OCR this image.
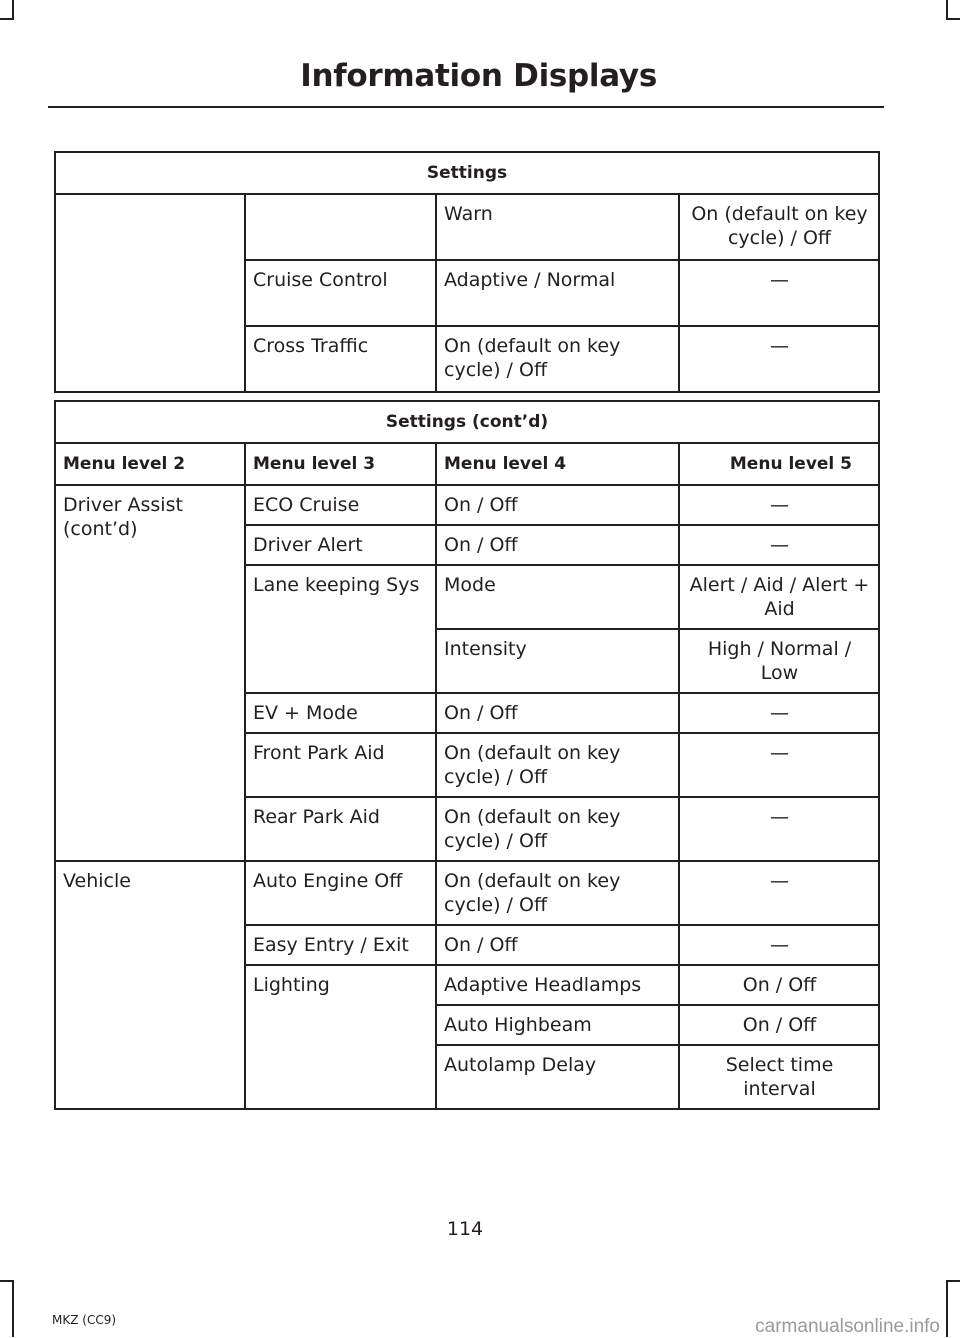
Information Displays
Settings			
		Warn	On (default on key cycle) / Off
	Cruise Control	Adaptive / Normal	—
	Cross Traffic	On (default on key cycle) / Off	—
Settings (cont’d)			
Menu level 2	Menu level 3	Menu level 4	Menu level 5
Driver Assist (cont’d)	ECO Cruise	On / Off	—
	Driver Alert	On / Off	—
	Lane keeping Sys	Mode	Alert / Aid / Alert + Aid
		Intensity	High / Normal / Low
	EV + Mode	On / Off	—
	Front Park Aid	On (default on key cycle) / Off	—
	Rear Park Aid	On (default on key cycle) / Off	—
Vehicle	Auto Engine Off	On (default on key cycle) / Off	—
	Easy Entry / Exit	On / Off	—
	Lighting	Adaptive Headlamps	On / Off
		Auto Highbeam	On / Off
		Autolamp Delay	Select time interval
114
MKZ (CC9)	carmanualsonline.info
